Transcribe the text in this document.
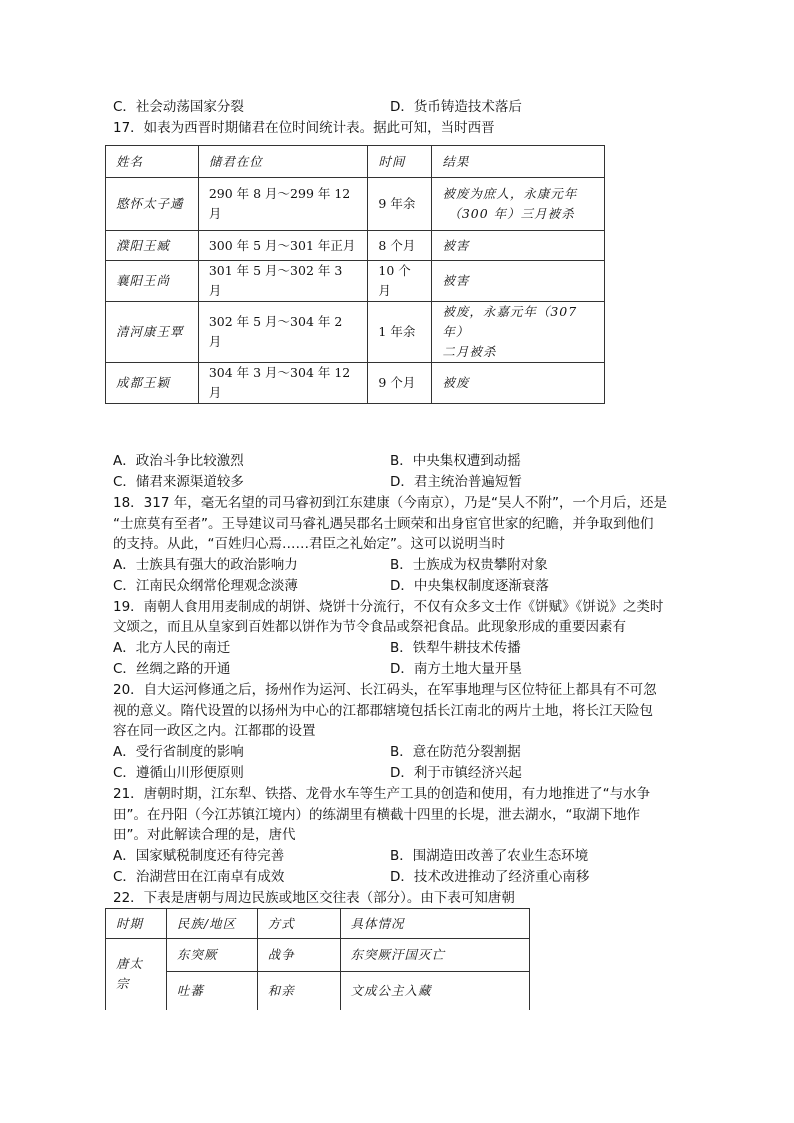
C．社会动荡国家分裂	D．货币铸造技术落后
17．如表为西晋时期储君在位时间统计表。据此可知，当时西晋
姓名	储君在位	时间	结果
愍怀太子遹	290 年 8 月～299 年 12 月	9 年余	被废为庶人，永康元年
（300 年）三月被杀

濮阳王臧	300 年 5 月～301 年正月	8 个月	被害
襄阳王尚	301 年 5 月～302 年 3 月	10 个月	被害
清河康王覃	302 年 5 月～304 年 2 月	1 年余	被废，永嘉元年（307 年）
二月被杀

成都王颖	304 年 3 月～304 年 12 月	9 个月	被废
A．政治斗争比较激烈	B．中央集权遭到动摇
C．储君来源渠道较多	D．君主统治普遍短暂
18．317 年，毫无名望的司马睿初到江东建康（今南京），乃是“吴人不附”，一个月后，还是
“士庶莫有至者”。王导建议司马睿礼遇吴郡名士顾荣和出身宦官世家的纪瞻，并争取到他们
的支持。从此，“百姓归心焉……君臣之礼始定”。这可以说明当时
A．士族具有强大的政治影响力	B．士族成为权贵攀附对象
C．江南民众纲常伦理观念淡薄	D．中央集权制度逐渐衰落
19．南朝人食用用麦制成的胡饼、烧饼十分流行，不仅有众多文士作《饼赋》《饼说》之类时
文颂之，而且从皇家到百姓都以饼作为节令食品或祭祀食品。此现象形成的重要因素有
A．北方人民的南迁	B．铁犁牛耕技术传播
C．丝绸之路的开通	D．南方土地大量开垦
20．自大运河修通之后，扬州作为运河、长江码头，在军事地理与区位特征上都具有不可忽
视的意义。隋代设置的以扬州为中心的江都郡辖境包括长江南北的两片土地，将长江天险包
容在同一政区之内。江都郡的设置
A．受行省制度的影响	B．意在防范分裂割据
C．遵循山川形便原则	D．利于市镇经济兴起
21．唐朝时期，江东犁、铁搭、龙骨水车等生产工具的创造和使用，有力地推进了“与水争
田”。在丹阳（今江苏镇江境内）的练湖里有横截十四里的长堤，泄去湖水，“取湖下地作
田”。对此解读合理的是，唐代
A．国家赋税制度还有待完善	B．围湖造田改善了农业生态环境
C．治湖营田在江南卓有成效	D．技术改进推动了经济重心南移
22．下表是唐朝与周边民族或地区交往表（部分）。由下表可知唐朝
时期	民族/地区	方式	具体情况
唐太宗	东突厥	战争	东突厥汗国灭亡
	吐蕃	和亲	文成公主入藏
